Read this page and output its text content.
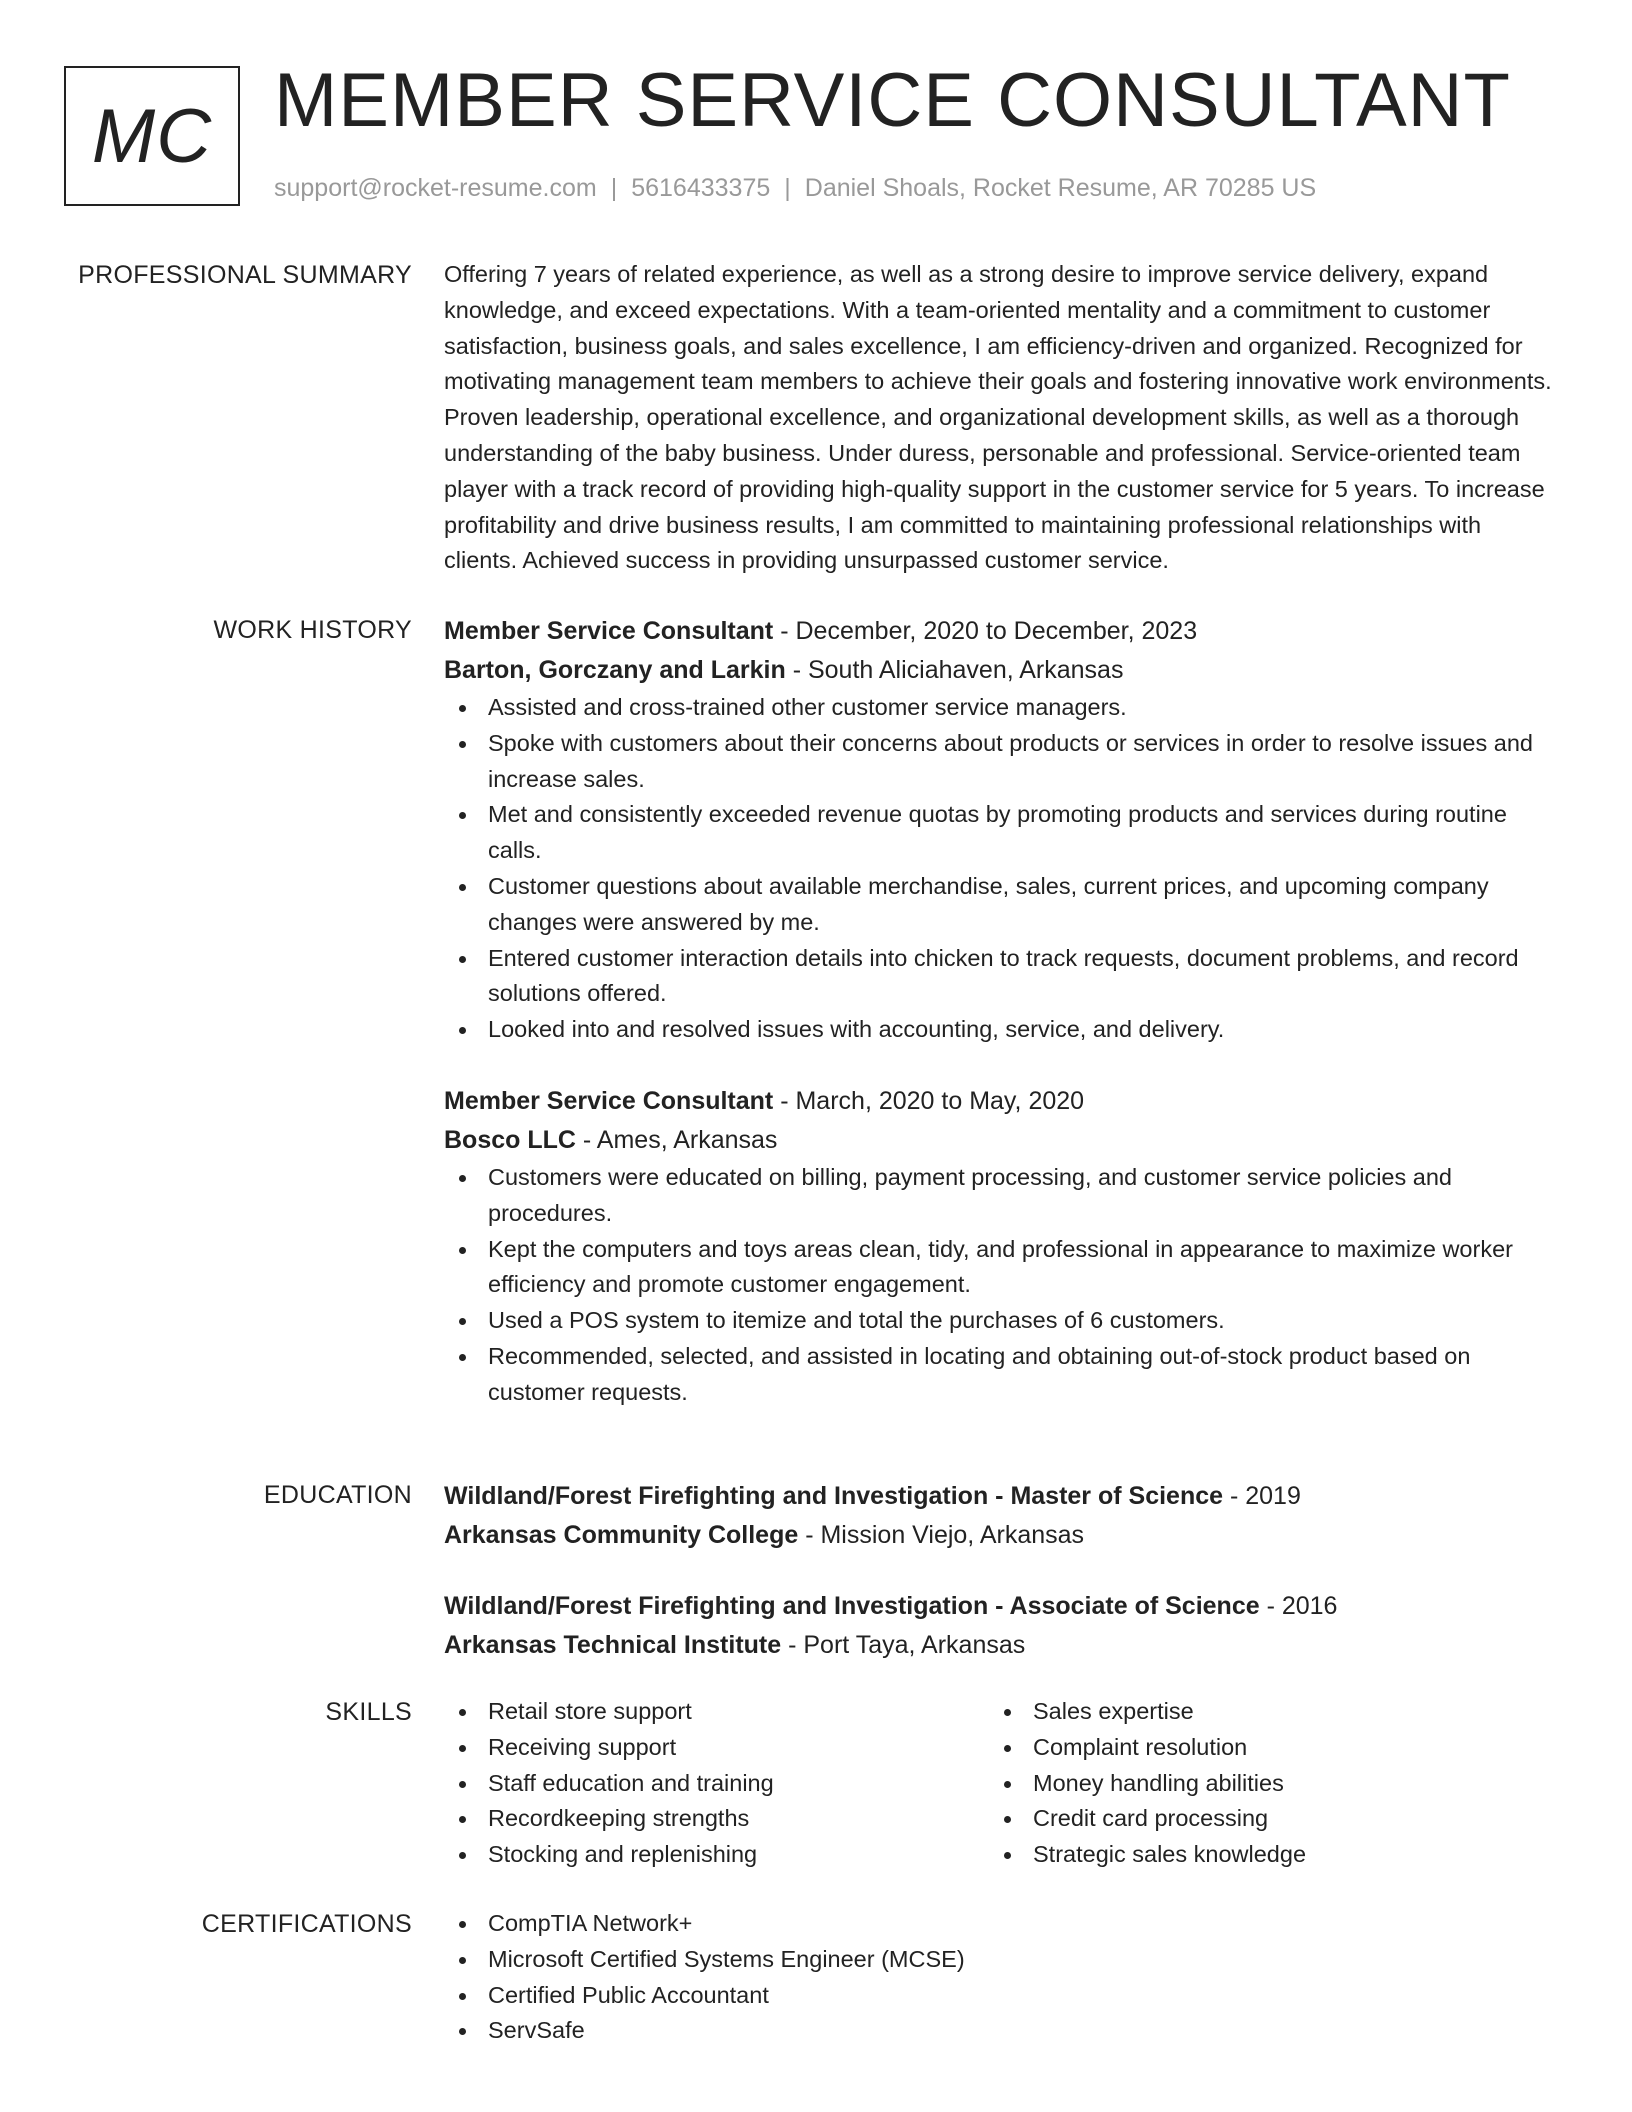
MC MEMBER SERVICE CONSULTANT
support@rocket-resume.com | 5616433375 | Daniel Shoals, Rocket Resume, AR 70285 US
PROFESSIONAL SUMMARY Offering 7 years of related experience, as well as a strong desire to improve service delivery, expand knowledge, and exceed expectations. With a team-oriented mentality and a commitment to customer satisfaction, business goals, and sales excellence, I am efficiency-driven and organized. Recognized for motivating management team members to achieve their goals and fostering innovative work environments. Proven leadership, operational excellence, and organizational development skills, as well as a thorough understanding of the baby business. Under duress, personable and professional. Service-oriented team player with a track record of providing high-quality support in the customer service for 5 years. To increase profitability and drive business results, I am committed to maintaining professional relationships with clients. Achieved success in providing unsurpassed customer service.

WORK HISTORY Member Service Consultant - December, 2020 to December, 2023
Barton, Gorczany and Larkin - South Aliciahaven, Arkansas
Assisted and cross-trained other customer service managers.
Spoke with customers about their concerns about products or services in order to resolve issues and increase sales.
Met and consistently exceeded revenue quotas by promoting products and services during routine calls.
Customer questions about available merchandise, sales, current prices, and upcoming company changes were answered by me.
Entered customer interaction details into chicken to track requests, document problems, and record solutions offered.
Looked into and resolved issues with accounting, service, and delivery.
Member Service Consultant - March, 2020 to May, 2020
Bosco LLC - Ames, Arkansas
Customers were educated on billing, payment processing, and customer service policies and procedures.
Kept the computers and toys areas clean, tidy, and professional in appearance to maximize worker efficiency and promote customer engagement.
Used a POS system to itemize and total the purchases of 6 customers.
Recommended, selected, and assisted in locating and obtaining out-of-stock product based on customer requests.
EDUCATION Wildland/Forest Firefighting and Investigation - Master of Science - 2019
Arkansas Community College - Mission Viejo, Arkansas
Wildland/Forest Firefighting and Investigation - Associate of Science - 2016
Arkansas Technical Institute - Port Taya, Arkansas
SKILLS	Retail store support
Receiving support
Staff education and training
Recordkeeping strengths
Stocking and replenishing
Sales expertise
Complaint resolution
Money handling abilities
Credit card processing
Strategic sales knowledge
CERTIFICATIONS	CompTIA Network+
Microsoft Certified Systems Engineer (MCSE)
Certified Public Accountant
ServSafe
